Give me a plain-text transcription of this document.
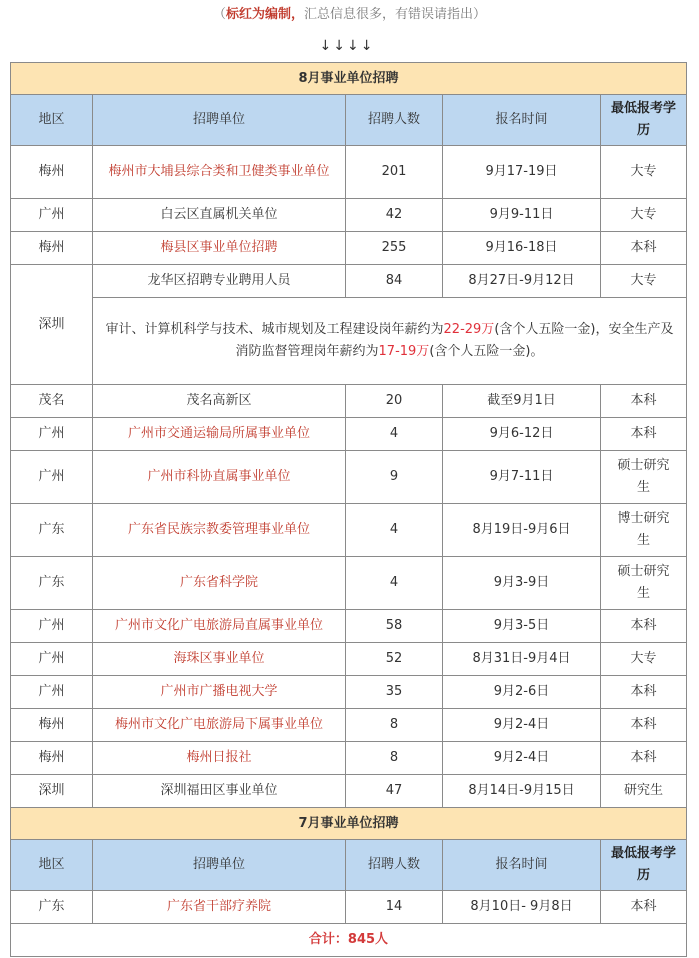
（标红为编制，汇总信息很多，有错误请指出）
↓↓↓↓
8月事业单位招聘				
地区	招聘单位	招聘人数	报名时间	最低报考学历
梅州	梅州市大埔县综合类和卫健类事业单位	201	9月17-19日	大专
广州	白云区直属机关单位	42	9月9-11日	大专
梅州	梅县区事业单位招聘	255	9月16-18日	本科
深圳	龙华区招聘专业聘用人员	84	8月27日-9月12日	大专
	审计、计算机科学与技术、城市规划及工程建设岗年薪约为22-29万(含个人五险一金)，安全生产及消防监督管理岗年薪约为17-19万(含个人五险一金)。			
茂名	茂名高新区	20	截至9月1日	本科
广州	广州市交通运输局所属事业单位	4	9月6-12日	本科
广州	广州市科协直属事业单位	9	9月7-11日	硕士研究生
广东	广东省民族宗教委管理事业单位	4	8月19日-9月6日	博士研究生
广东	广东省科学院	4	9月3-9日	硕士研究生
广州	广州市文化广电旅游局直属事业单位	58	9月3-5日	本科
广州	海珠区事业单位	52	8月31日-9月4日	大专
广州	广州市广播电视大学	35	9月2-6日	本科
梅州	梅州市文化广电旅游局下属事业单位	8	9月2-4日	本科
梅州	梅州日报社	8	9月2-4日	本科
深圳	深圳福田区事业单位	47	8月14日-9月15日	研究生
7月事业单位招聘				
地区	招聘单位	招聘人数	报名时间	最低报考学历
广东	广东省干部疗养院	14	8月10日- 9月8日	本科
合计：845人				
